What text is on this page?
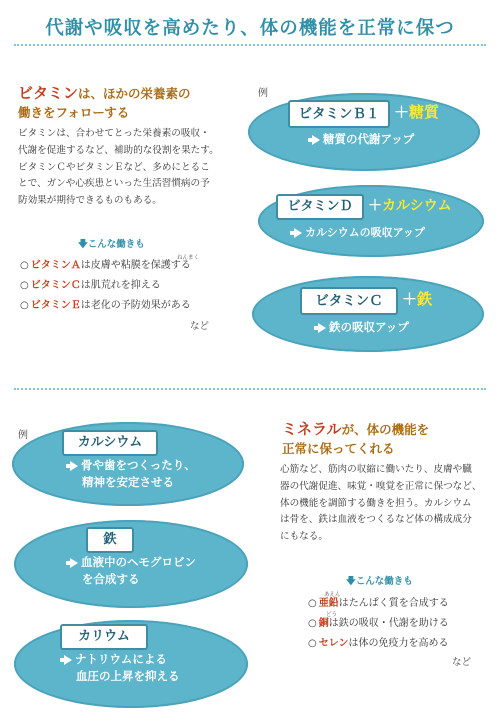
代謝や吸収を高めたり、体の機能を正常に保つ
ビタミンは、ほかの栄養素の
働きをフォローする
ビタミンは、合わせてとった栄養素の吸収・
代謝を促進するなど、補助的な役割を果たす。
ビタミンＣやビタミンＥなど、多めにとるこ
とで、ガンや心疾患といった生活習慣病の予
防効果が期待できるものもある。
🡇こんな働きも
ねんまく
○ ビタミンＡは皮膚や粘膜を保護する
○ ビタミンＣは肌荒れを抑える
○ ビタミンＥは老化の予防効果がある
など
例
ビタミンＢ１ ＋糖質
糖質の代謝アップ
ビタミンＤ	＋カルシウム
カルシウムの吸収アップ
ビタミンＣ	＋鉄
鉄の吸収アップ
例	カルシウム
骨や歯をつくったり、
精神を安定させる
鉄
血液中のヘモグロビン
を合成する
カリウム
ナトリウムによる
血圧の上昇を抑える
ミネラルが、体の機能を
正常に保ってくれる
心筋など、筋肉の収縮に働いたり、皮膚や臓
器の代謝促進、味覚・嗅覚を正常に保つなど、
体の機能を調節する働きを担う。カルシウム
は骨を、鉄は血液をつくるなど体の構成成分
にもなる。
🡇こんな働きも
あえん
どう
○ 亜鉛はたんぱく質を合成する
○ 銅は鉄の吸収・代謝を助ける
○ セレンは体の免疫力を高める
など
